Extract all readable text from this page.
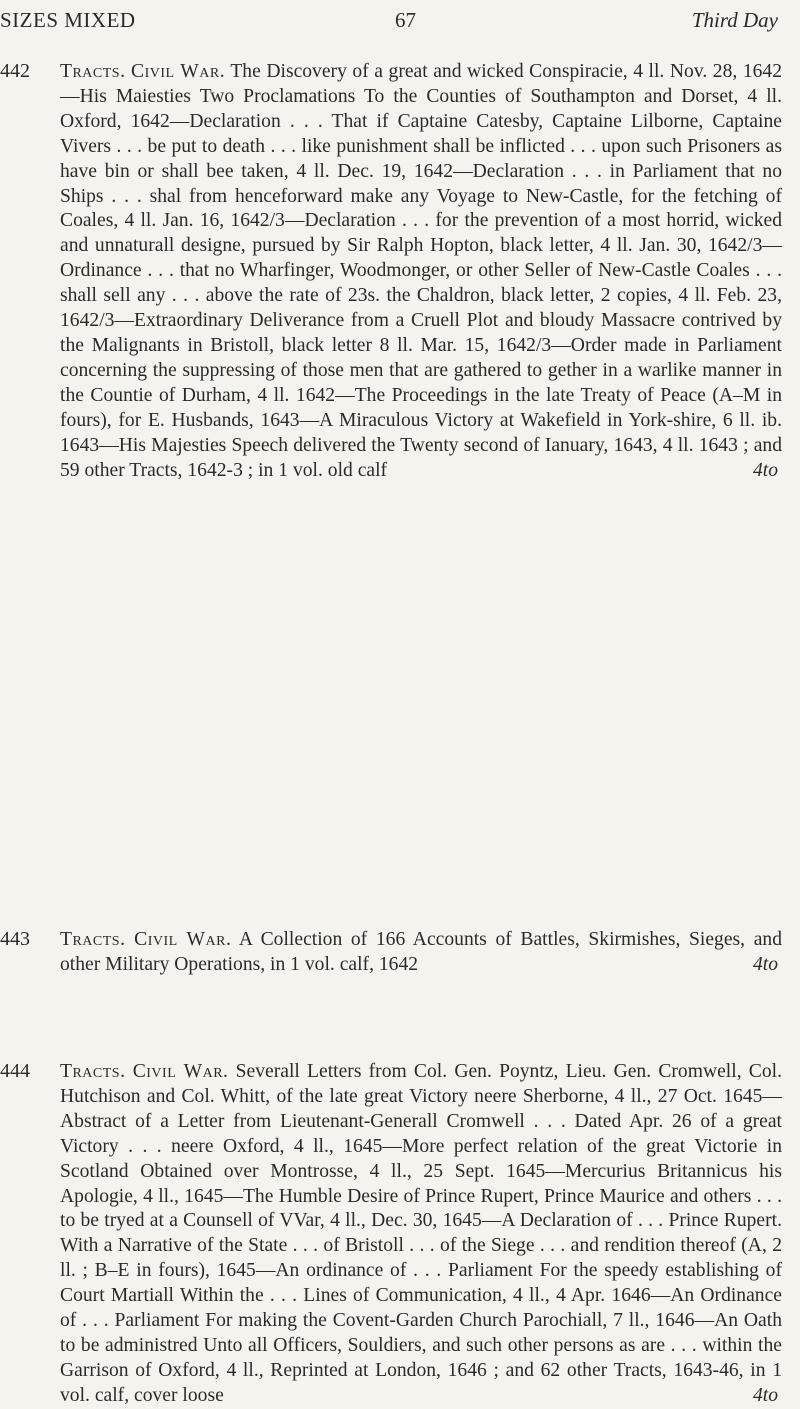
SIZES MIXED	67	Third Day
442 Tracts. Civil War. The Discovery of a great and wicked Conspiracie, 4 ll. Nov. 28, 1642—His Maiesties Two Proclamations To the Counties of Southampton and Dorset, 4 ll. Oxford, 1642—Declaration . . . That if Captaine Catesby, Captaine Lilborne, Captaine Vivers . . . be put to death . . . like punishment shall be inflicted . . . upon such Prisoners as have bin or shall bee taken, 4 ll. Dec. 19, 1642—Declaration . . . in Parliament that no Ships . . . shal from henceforward make any Voyage to New-Castle, for the fetching of Coales, 4 ll. Jan. 16, 1642/3—Declaration . . . for the prevention of a most horrid, wicked and unnaturall designe, pursued by Sir Ralph Hopton, black letter, 4 ll. Jan. 30, 1642/3—Ordinance . . . that no Wharfinger, Woodmonger, or other Seller of New-Castle Coales . . . shall sell any . . . above the rate of 23s. the Chaldron, black letter, 2 copies, 4 ll. Feb. 23, 1642/3—Extraordinary Deliverance from a Cruell Plot and bloudy Massacre contrived by the Malignants in Bristoll, black letter 8 ll. Mar. 15, 1642/3—Order made in Parliament concerning the suppressing of those men that are gathered to gether in a warlike manner in the Countie of Durham, 4 ll. 1642—The Proceedings in the late Treaty of Peace (A–M in fours), for E. Husbands, 1643—A Miraculous Victory at Wakefield in York-shire, 6 ll. ib. 1643—His Majesties Speech delivered the Twenty second of Ianuary, 1643, 4 ll. 1643 ; and 59 other Tracts, 1642-3 ; in 1 vol. old calf	4to
443 Tracts. Civil War. A Collection of 166 Accounts of Battles, Skirmishes, Sieges, and other Military Operations, in 1 vol. calf, 1642	4to
444 Tracts. Civil War. Severall Letters from Col. Gen. Poyntz, Lieu. Gen. Cromwell, Col. Hutchison and Col. Whitt, of the late great Victory neere Sherborne, 4 ll., 27 Oct. 1645—Abstract of a Letter from Lieutenant-Generall Cromwell . . . Dated Apr. 26 of a great Victory . . . neere Oxford, 4 ll., 1645—More perfect relation of the great Victorie in Scotland Obtained over Montrosse, 4 ll., 25 Sept. 1645—Mercurius Britannicus his Apologie, 4 ll., 1645—The Humble Desire of Prince Rupert, Prince Maurice and others . . . to be tryed at a Counsell of VVar, 4 ll., Dec. 30, 1645—A Declaration of . . . Prince Rupert. With a Narrative of the State . . . of Bristoll . . . of the Siege . . . and rendition thereof (A, 2 ll. ; B–E in fours), 1645—An ordinance of . . . Parliament For the speedy establishing of Court Martiall Within the . . . Lines of Communication, 4 ll., 4 Apr. 1646—An Ordinance of . . . Parliament For making the Covent-Garden Church Parochiall, 7 ll., 1646—An Oath to be administred Unto all Officers, Souldiers, and such other persons as are . . . within the Garrison of Oxford, 4 ll., Reprinted at London, 1646 ; and 62 other Tracts, 1643-46, in 1 vol. calf, cover loose	4to
